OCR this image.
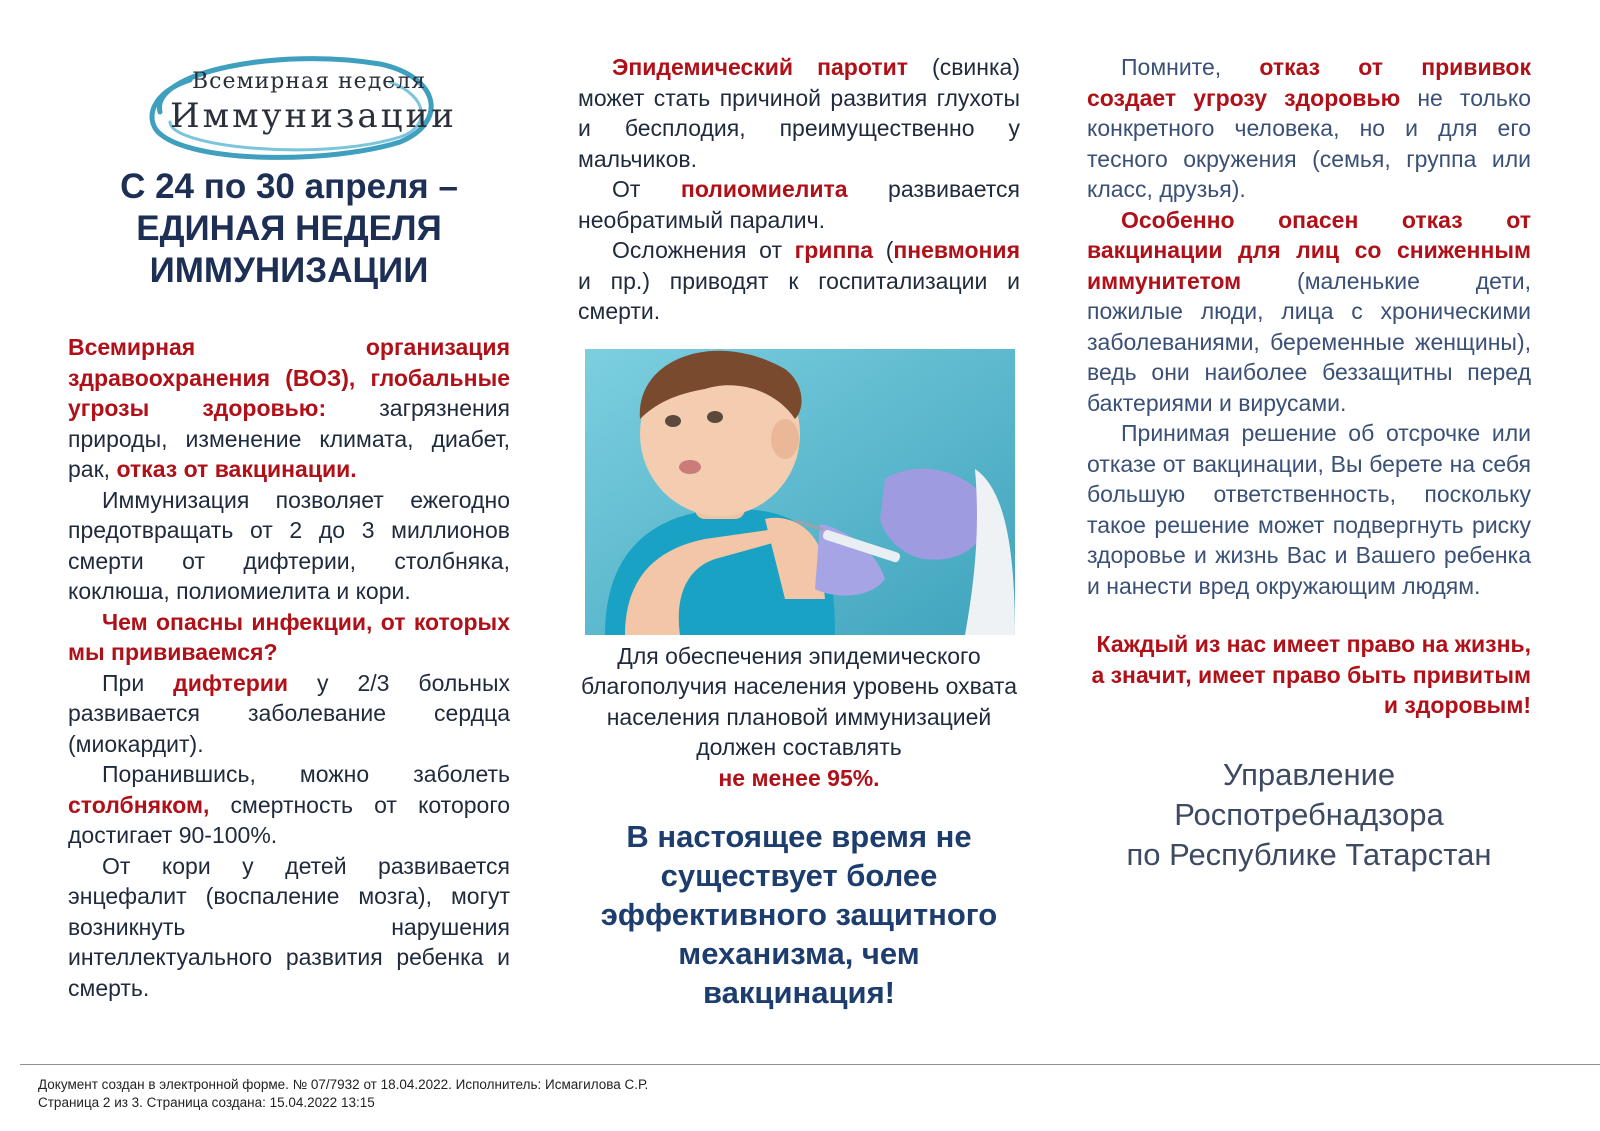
Всемирная неделя
Иммунизации
С 24 по 30 апреля – ЕДИНАЯ НЕДЕЛЯ ИММУНИЗАЦИИ
Всемирная организация здравоохранения (ВОЗ), глобальные угрозы здоровью: загрязнения природы, изменение климата, диабет, рак, отказ от вакцинации.

Иммунизация позволяет ежегодно предотвращать от 2 до 3 миллионов смерти от дифтерии, столбняка, коклюша, полиомиелита и кори.

Чем опасны инфекции, от которых мы прививаемся?

При дифтерии у 2/3 больных развивается заболевание сердца (миокардит).

Поранившись, можно заболеть столбняком, смертность от которого достигает 90-100%.

От кори у детей развивается энцефалит (воспаление мозга), могут возникнуть нарушения интеллектуального развития ребенка и смерть.

Эпидемический паротит (свинка) может стать причиной развития глухоты и бесплодия, преимущественно у мальчиков.

От полиомиелита развивается необратимый паралич.

Осложнения от гриппа (пневмония и пр.) приводят к госпитализации и смерти.

Для обеспечения эпидемического благополучия населения уровень охвата населения плановой иммунизацией должен составлять
не менее 95%.

В настоящее время не существует более эффективного защитного механизма, чем вакцинация!

Помните, отказ от прививок создает угрозу здоровью не только конкретного человека, но и для его тесного окружения (семья, группа или класс, друзья).

Особенно опасен отказ от вакцинации для лиц со сниженным иммунитетом (маленькие дети, пожилые люди, лица с хроническими заболеваниями, беременные женщины), ведь они наиболее беззащитны перед бактериями и вирусами.

Принимая решение об отсрочке или отказе от вакцинации, Вы берете на себя большую ответственность, поскольку такое решение может подвергнуть риску здоровье и жизнь Вас и Вашего ребенка и нанести вред окружающим людям.

Каждый из нас имеет право на жизнь, а значит, имеет право быть привитым и здоровым!

Управление
Роспотребнадзора
по Республике Татарстан
Документ создан в электронной форме. № 07/7932 от 18.04.2022. Исполнитель: Исмагилова С.Р.
Страница 2 из 3. Страница создана: 15.04.2022 13:15
